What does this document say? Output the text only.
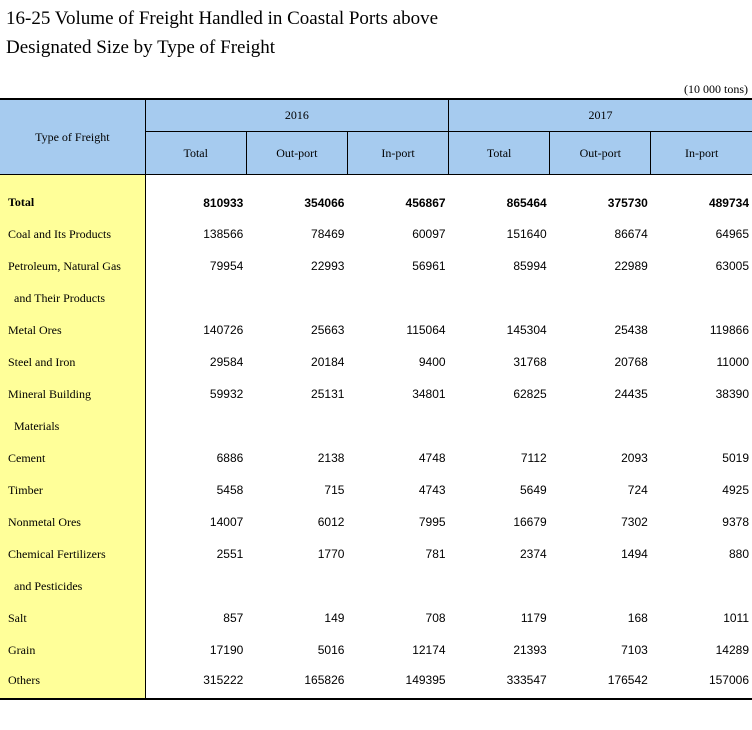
16-25 Volume of Freight Handled in Coastal Ports above
Designated Size by Type of Freight
(10 000 tons)
Type of Freight	2016			2017		
	Total	Out-port	In-port	Total	Out-port	In-port
Total	810933	354066	456867	865464	375730	489734
Coal and Its Products	138566	78469	60097	151640	86674	64965
Petroleum, Natural Gas	79954	22993	56961	85994	22989	63005
and Their Products						
Metal Ores	140726	25663	115064	145304	25438	119866
Steel and Iron	29584	20184	9400	31768	20768	11000
Mineral Building	59932	25131	34801	62825	24435	38390
Materials						
Cement	6886	2138	4748	7112	2093	5019
Timber	5458	715	4743	5649	724	4925
Nonmetal Ores	14007	6012	7995	16679	7302	9378
Chemical Fertilizers	2551	1770	781	2374	1494	880
and Pesticides						
Salt	857	149	708	1179	168	1011
Grain	17190	5016	12174	21393	7103	14289
Others	315222	165826	149395	333547	176542	157006
